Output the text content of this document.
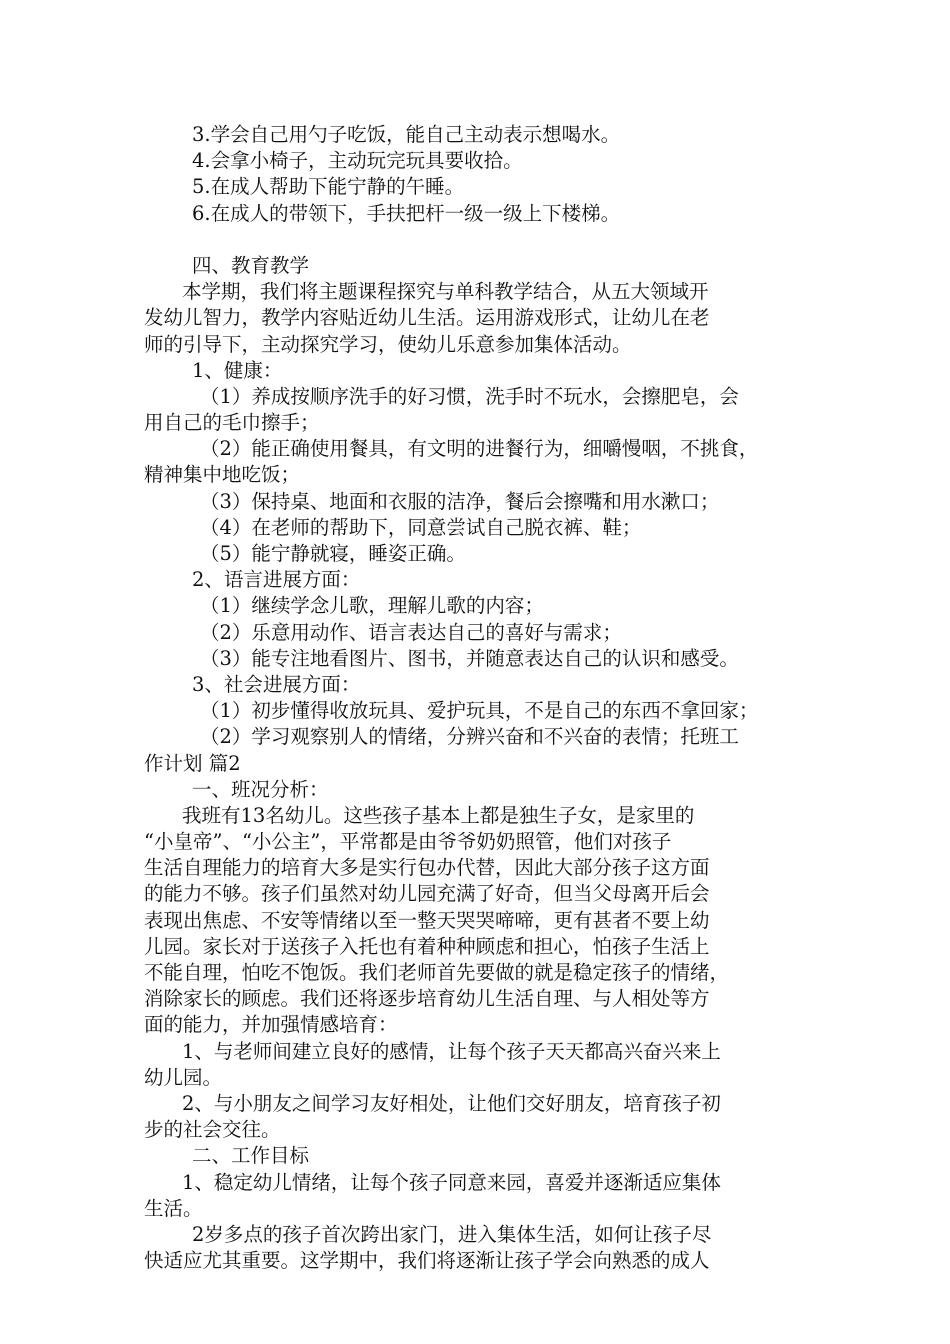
3.学会自己用勺子吃饭，能自己主动表示想喝水。
4.会拿小椅子，主动玩完玩具要收拾。
5.在成人帮助下能宁静的午睡。
6.在成人的带领下，手扶把杆一级一级上下楼梯。
四、教育教学
本学期，我们将主题课程探究与单科教学结合，从五大领域开
发幼儿智力，教学内容贴近幼儿生活。运用游戏形式，让幼儿在老
师的引导下，主动探究学习，使幼儿乐意参加集体活动。
1、健康：
（1）养成按顺序洗手的好习惯，洗手时不玩水，会擦肥皂，会
用自己的毛巾擦手；
（2）能正确使用餐具，有文明的进餐行为，细嚼慢咽，不挑食，
精神集中地吃饭；
（3）保持桌、地面和衣服的洁净，餐后会擦嘴和用水漱口；
（4）在老师的帮助下，同意尝试自己脱衣裤、鞋；
（5）能宁静就寝，睡姿正确。
2、语言进展方面：
（1）继续学念儿歌，理解儿歌的内容；
（2）乐意用动作、语言表达自己的喜好与需求；
（3）能专注地看图片、图书，并随意表达自己的认识和感受。
3、社会进展方面：
（1）初步懂得收放玩具、爱护玩具，不是自己的东西不拿回家；
（2）学习观察别人的情绪，分辨兴奋和不兴奋的表情；托班工
作计划 篇2
一、班况分析：
我班有13名幼儿。这些孩子基本上都是独生子女，是家里的
“小皇帝”、“小公主”，平常都是由爷爷奶奶照管，他们对孩子
生活自理能力的培育大多是实行包办代替，因此大部分孩子这方面
的能力不够。孩子们虽然对幼儿园充满了好奇，但当父母离开后会
表现出焦虑、不安等情绪以至一整天哭哭啼啼，更有甚者不要上幼
儿园。家长对于送孩子入托也有着种种顾虑和担心，怕孩子生活上
不能自理，怕吃不饱饭。我们老师首先要做的就是稳定孩子的情绪，
消除家长的顾虑。我们还将逐步培育幼儿生活自理、与人相处等方
面的能力，并加强情感培育：
1、与老师间建立良好的感情，让每个孩子天天都高兴奋兴来上
幼儿园。
2、与小朋友之间学习友好相处，让他们交好朋友，培育孩子初
步的社会交往。
二、工作目标
1、稳定幼儿情绪，让每个孩子同意来园，喜爱并逐渐适应集体
生活。
2岁多点的孩子首次跨出家门，进入集体生活，如何让孩子尽
快适应尤其重要。这学期中，我们将逐渐让孩子学会向熟悉的成人
